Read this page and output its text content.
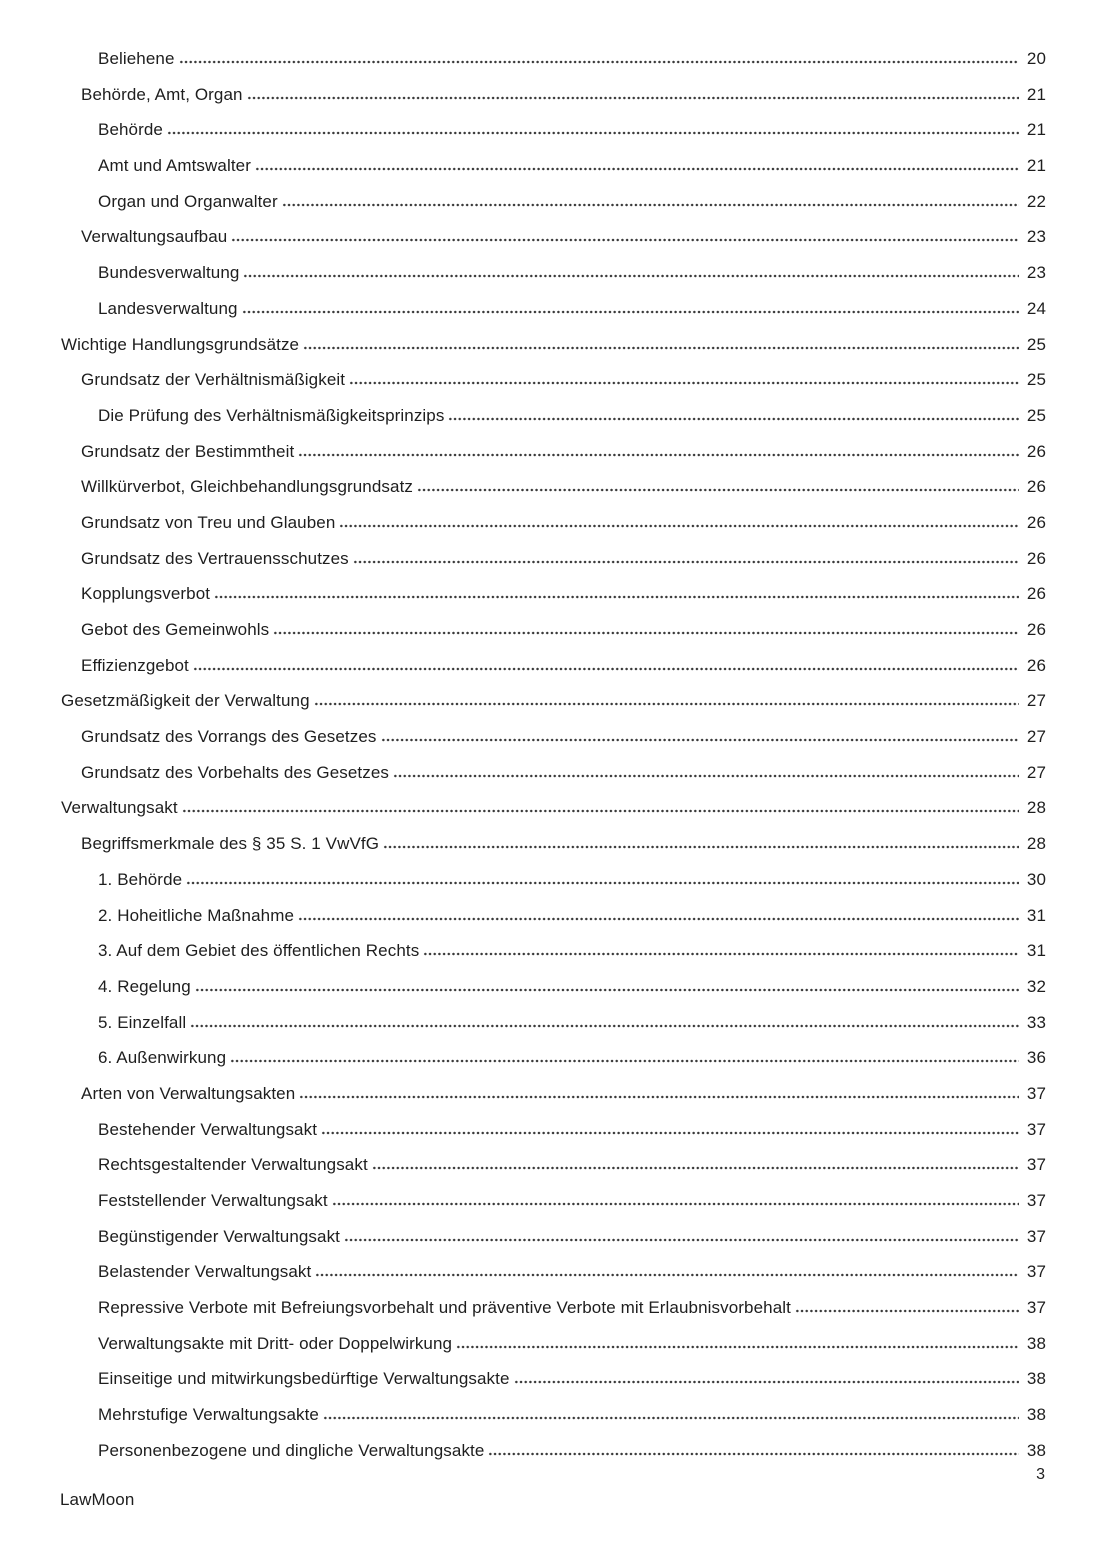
Beliehene	20
Behörde, Amt, Organ	21
Behörde	21
Amt und Amtswalter	21
Organ und Organwalter	22
Verwaltungsaufbau	23
Bundesverwaltung	23
Landesverwaltung	24
Wichtige Handlungsgrundsätze	25
Grundsatz der Verhältnismäßigkeit	25
Die Prüfung des Verhältnismäßigkeitsprinzips	25
Grundsatz der Bestimmtheit	26
Willkürverbot, Gleichbehandlungsgrundsatz	26
Grundsatz von Treu und Glauben	26
Grundsatz des Vertrauensschutzes	26
Kopplungsverbot	26
Gebot des Gemeinwohls	26
Effizienzgebot	26
Gesetzmäßigkeit der Verwaltung	27
Grundsatz des Vorrangs des Gesetzes	27
Grundsatz des Vorbehalts des Gesetzes	27
Verwaltungsakt	28
Begriffsmerkmale des § 35 S. 1 VwVfG	28
1. Behörde	30
2. Hoheitliche Maßnahme	31
3. Auf dem Gebiet des öffentlichen Rechts	31
4. Regelung	32
5. Einzelfall	33
6. Außenwirkung	36
Arten von Verwaltungsakten	37
Bestehender Verwaltungsakt	37
Rechtsgestaltender Verwaltungsakt	37
Feststellender Verwaltungsakt	37
Begünstigender Verwaltungsakt	37
Belastender Verwaltungsakt	37
Repressive Verbote mit Befreiungsvorbehalt und präventive Verbote mit Erlaubnisvorbehalt	37
Verwaltungsakte mit Dritt- oder Doppelwirkung	38
Einseitige und mitwirkungsbedürftige Verwaltungsakte	38
Mehrstufige Verwaltungsakte	38
Personenbezogene und dingliche Verwaltungsakte	38
3
LawMoon
